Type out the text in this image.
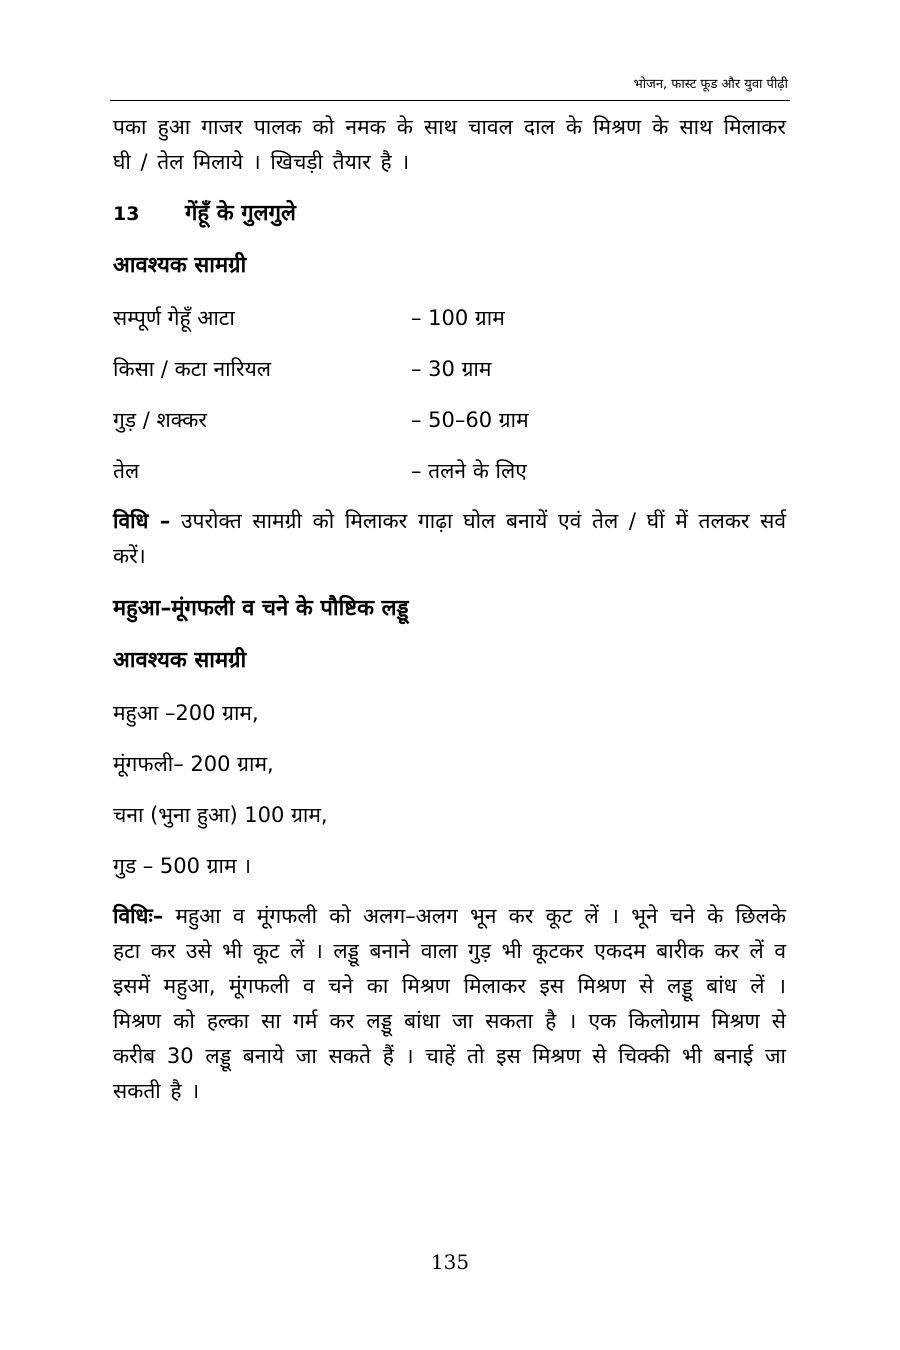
भोजन, फास्ट फूड और युवा पीढ़ी

पका हुआ गाजर पालक को नमक के साथ चावल दाल के मिश्रण के साथ मिलाकर घी / तेल मिलाये । खिचड़ी तैयार है ।

13 गेंहूँ के गुलगुले

आवश्यक सामग्री

सम्पूर्ण गेहूँ आटा	– 100 ग्राम
किसा / कटा नारियल	– 30 ग्राम
गुड़ / शक्कर	– 50–60 ग्राम
तेल	– तलने के लिए

विधि – उपरोक्त सामग्री को मिलाकर गाढ़ा घोल बनायें एवं तेल / घीं में तलकर सर्व करें।

महुआ–मूंगफली व चने के पौष्टिक लड्डू

आवश्यक सामग्री

महुआ –200 ग्राम,

मूंगफली– 200 ग्राम,

चना (भुना हुआ) 100 ग्राम,

गुड – 500 ग्राम ।

विधिः– महुआ व मूंगफली को अलग–अलग भून कर कूट लें । भूने चने के छिलके हटा कर उसे भी कूट लें । लड्डू बनाने वाला गुड़ भी कूटकर एकदम बारीक कर लें व इसमें महुआ, मूंगफली व चने का मिश्रण मिलाकर इस मिश्रण से लड्डू बांध लें । मिश्रण को हल्का सा गर्म कर लड्डू बांधा जा सकता है । एक किलोग्राम मिश्रण से करीब 30 लड्डू बनाये जा सकते हैं । चाहें तो इस मिश्रण से चिक्की भी बनाई जा सकती है ।

135
